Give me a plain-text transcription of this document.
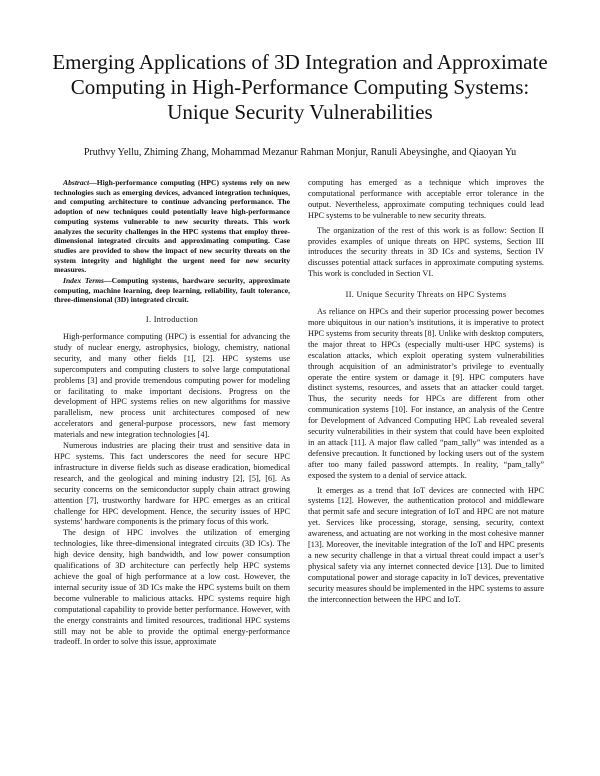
Emerging Applications of 3D Integration and Approximate Computing in High-Performance Computing Systems: Unique Security Vulnerabilities
Pruthvy Yellu, Zhiming Zhang, Mohammad Mezanur Rahman Monjur, Ranuli Abeysinghe, and Qiaoyan Yu

Abstract—High-performance computing (HPC) systems rely on new technologies such as emerging devices, advanced integration techniques, and computing architecture to continue advancing performance. The adoption of new techniques could potentially leave high-performance computing systems vulnerable to new security threats. This work analyzes the security challenges in the HPC systems that employ three-dimensional integrated circuits and approximating computing. Case studies are provided to show the impact of new security threats on the system integrity and highlight the urgent need for new security measures.

Index Terms—Computing systems, hardware security, approximate computing, machine learning, deep learning, reliability, fault tolerance, three-dimensional (3D) integrated circuit.

I. Introduction

High-performance computing (HPC) is essential for advancing the study of nuclear energy, astrophysics, biology, chemistry, national security, and many other fields [1], [2]. HPC systems use supercomputers and computing clusters to solve large computational problems [3] and provide tremendous computing power for modeling or facilitating to make important decisions. Progress on the development of HPC systems relies on new algorithms for massive parallelism, new process unit architectures composed of new accelerators and general-purpose processors, new fast memory materials and new integration technologies [4].

Numerous industries are placing their trust and sensitive data in HPC systems. This fact underscores the need for secure HPC infrastructure in diverse fields such as disease eradication, biomedical research, and the geological and mining industry [2], [5], [6]. As security concerns on the semiconductor supply chain attract growing attention [7], trustworthy hardware for HPC emerges as an critical challenge for HPC development. Hence, the security issues of HPC systems’ hardware components is the primary focus of this work.

The design of HPC involves the utilization of emerging technologies, like three-dimensional integrated circuits (3D ICs). The high device density, high bandwidth, and low power consumption qualifications of 3D architecture can perfectly help HPC systems achieve the goal of high performance at a low cost. However, the internal security issue of 3D ICs make the HPC systems built on them become vulnerable to malicious attacks. HPC systems require high computational capability to provide better performance. However, with the energy constraints and limited resources, traditional HPC systems still may not be able to provide the optimal energy-performance tradeoff. In order to solve this issue, approximate

computing has emerged as a technique which improves the computational performance with acceptable error tolerance in the output. Nevertheless, approximate computing techniques could lead HPC systems to be vulnerable to new security threats.

The organization of the rest of this work is as follow: Section II provides examples of unique threats on HPC systems, Section III introduces the security threats in 3D ICs and systems, Section IV discusses potential attack surfaces in approximate computing systems. This work is concluded in Section VI.

II. Unique Security Threats on HPC Systems

As reliance on HPCs and their superior processing power becomes more ubiquitous in our nation’s institutions, it is imperative to protect HPC systems from security threats [8]. Unlike with desktop computers, the major threat to HPCs (especially multi-user HPC systems) is escalation attacks, which exploit operating system vulnerabilities through acquisition of an administrator’s privilege to eventually operate the entire system or damage it [9]. HPC computers have distinct systems, resources, and assets that an attacker could target. Thus, the security needs for HPCs are different from other communication systems [10]. For instance, an analysis of the Centre for Development of Advanced Computing HPC Lab revealed several security vulnerabilities in their system that could have been exploited in an attack [11]. A major flaw called “pam_tally” was intended as a defensive precaution. It functioned by locking users out of the system after too many failed password attempts. In reality, “pam_tally” exposed the system to a denial of service attack.

It emerges as a trend that IoT devices are connected with HPC systems [12]. However, the authentication protocol and middleware that permit safe and secure integration of IoT and HPC are not mature yet. Services like processing, storage, sensing, security, context awareness, and actuating are not working in the most cohesive manner [13]. Moreover, the inevitable integration of the IoT and HPC presents a new security challenge in that a virtual threat could impact a user’s physical safety via any internet connected device [13]. Due to limited computational power and storage capacity in IoT devices, preventative security measures should be implemented in the HPC systems to assure the interconnection between the HPC and IoT.
